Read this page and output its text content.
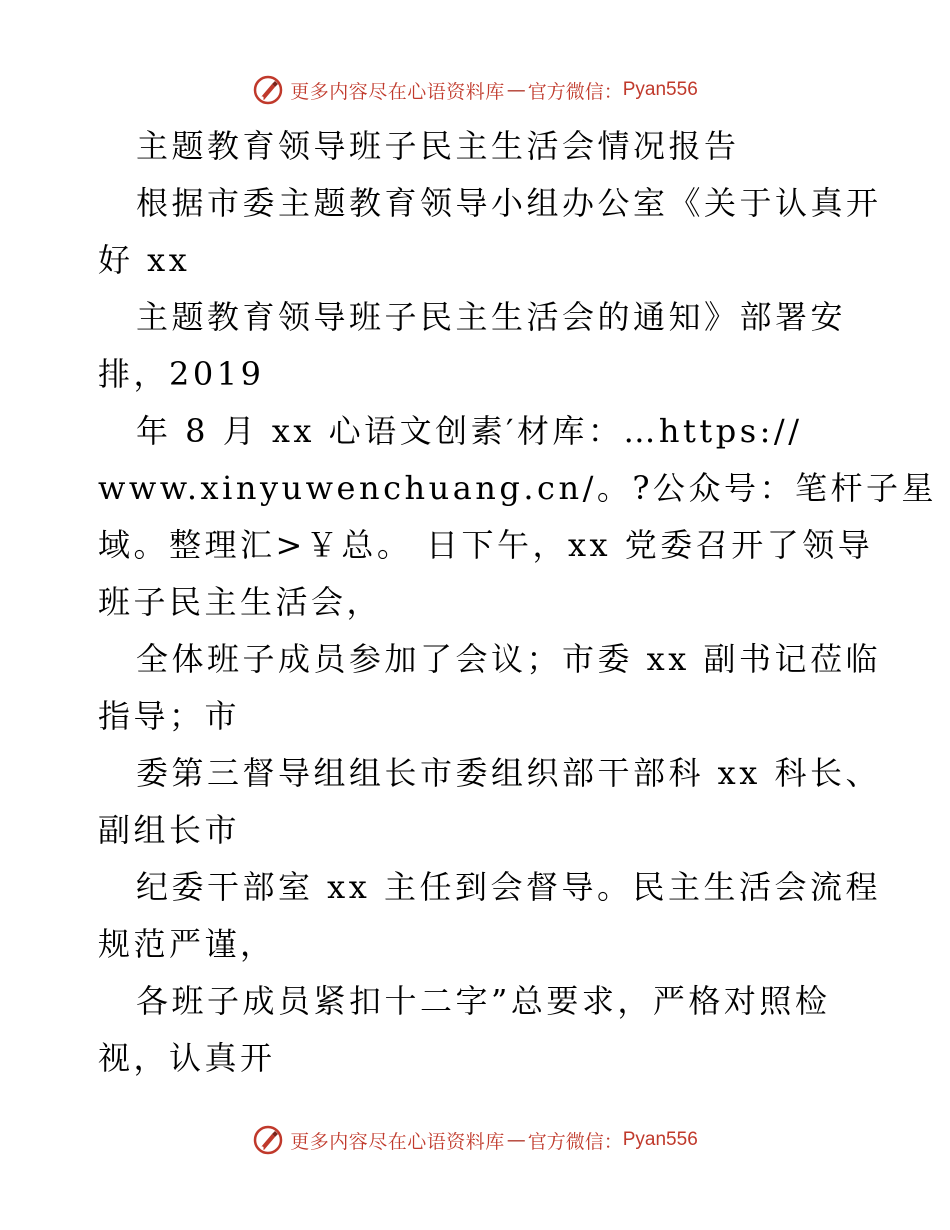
更多内容尽在心语资料库 — 官方微信： Pyan556
主题教育领导班子民主生活会情况报告
根据市委主题教育领导小组办公室《关于认真开
好 xx
主题教育领导班子民主生活会的通知》部署安
排，2019
年 8 月 xx 心语文创素′材库：…https://
www.xinyuwenchuang.cn/。?公众号：笔杆子星
域。整理汇>￥总。 日下午，xx 党委召开了领导
班子民主生活会，
全体班子成员参加了会议；市委 xx 副书记莅临
指导；市
委第三督导组组长市委组织部干部科 xx 科长、
副组长市
纪委干部室 xx 主任到会督导。民主生活会流程
规范严谨，
各班子成员紧扣十二字”总要求，严格对照检
视，认真开
更多内容尽在心语资料库 — 官方微信： Pyan556
